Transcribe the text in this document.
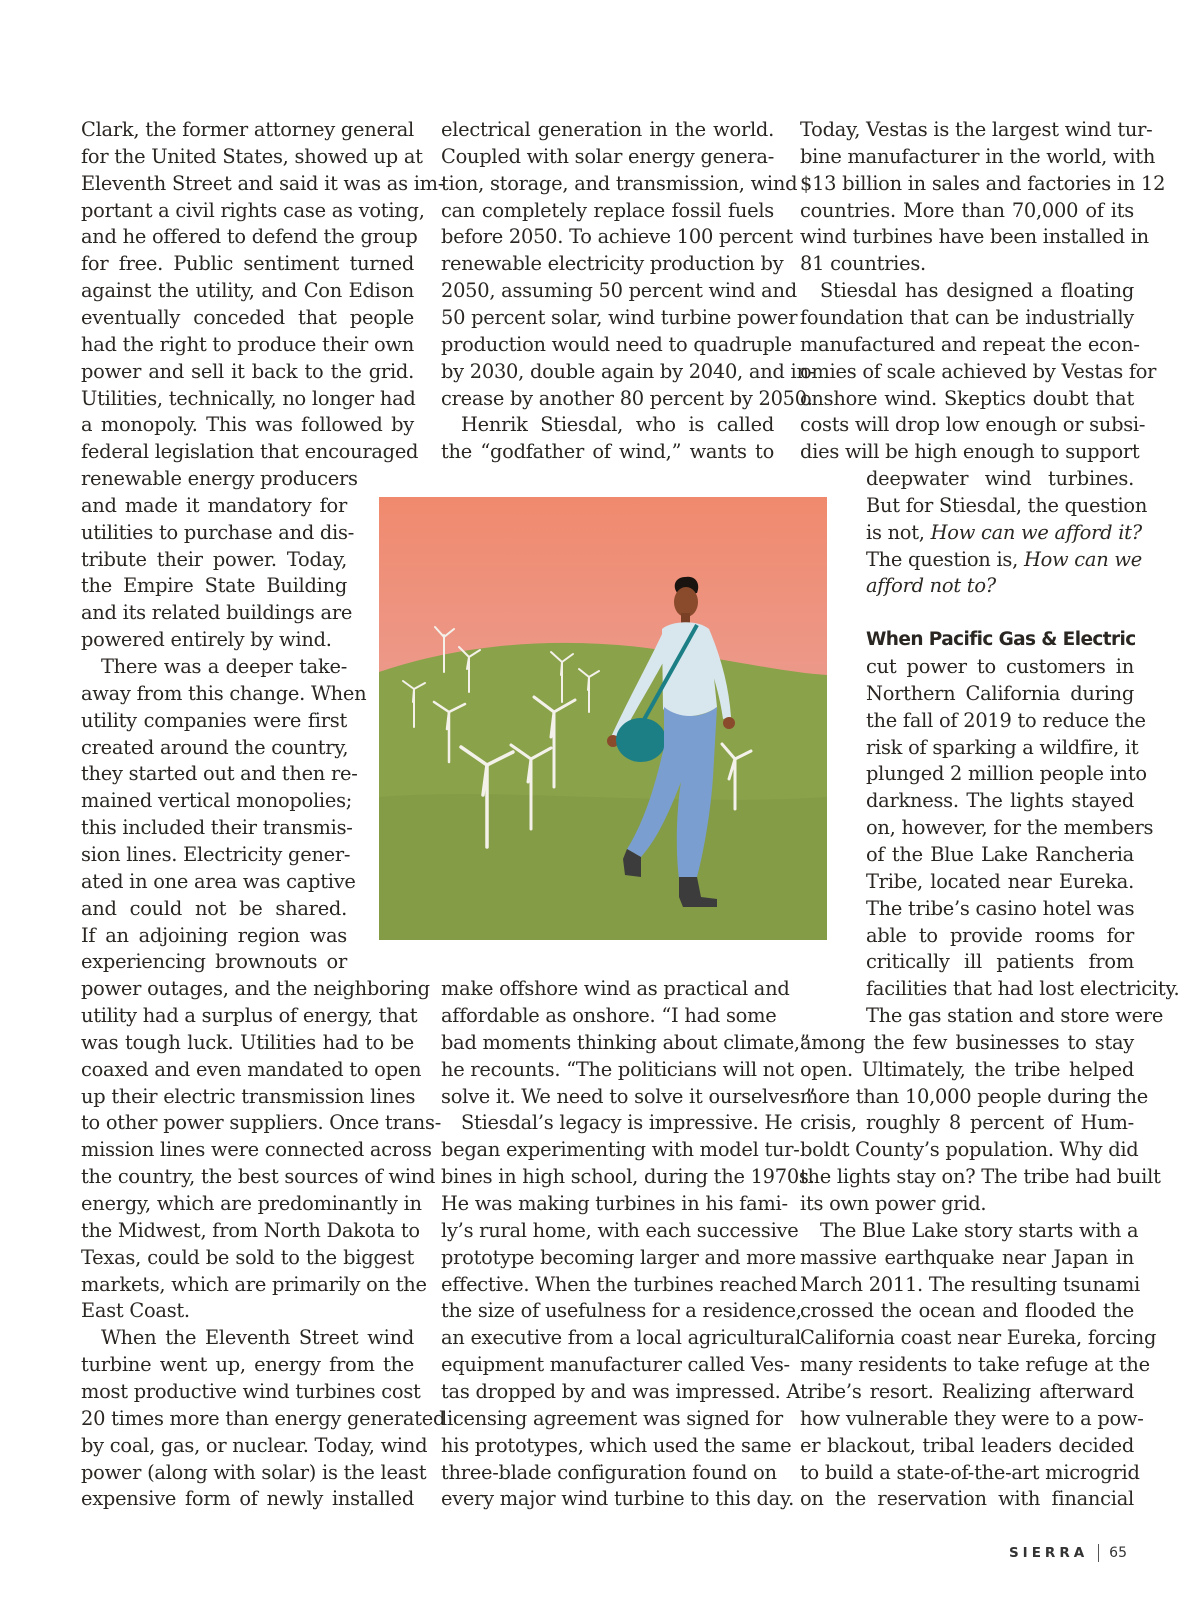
SIERRA 65
Clark, the former attorney general
for the United States, showed up at
Eleventh Street and said it was as im-
portant a civil rights case as voting,
and he offered to defend the group
for free. Public sentiment turned
against the utility, and Con Edison
eventually conceded that people
had the right to produce their own
power and sell it back to the grid.
Utilities, technically, no longer had
a monopoly. This was followed by
federal legislation that encouraged
renewable energy producers
and made it mandatory for
utilities to purchase and dis-
tribute their power. Today,
the Empire State Building
and its related buildings are
powered entirely by wind.
There was a deeper take-
away from this change. When
utility companies were first
created around the country,
they started out and then re-
mained vertical monopolies;
this included their transmis-
sion lines. Electricity gener-
ated in one area was captive
and could not be shared.
If an adjoining region was
experiencing brownouts or
power outages, and the neighboring
utility had a surplus of energy, that
was tough luck. Utilities had to be
coaxed and even mandated to open
up their electric transmission lines
to other power suppliers. Once trans-
mission lines were connected across
the country, the best sources of wind
energy, which are predominantly in
the Midwest, from North Dakota to
Texas, could be sold to the biggest
markets, which are primarily on the
East Coast.
When the Eleventh Street wind
turbine went up, energy from the
most productive wind turbines cost
20 times more than energy generated
by coal, gas, or nuclear. Today, wind
power (along with solar) is the least
expensive form of newly installed
electrical generation in the world.
Coupled with solar energy genera-
tion, storage, and transmission, wind
can completely replace fossil fuels
before 2050. To achieve 100 percent
renewable electricity production by
2050, assuming 50 percent wind and
50 percent solar, wind turbine power
production would need to quadruple
by 2030, double again by 2040, and in-
crease by another 80 percent by 2050.
Henrik Stiesdal, who is called
the “godfather of wind,” wants to
make offshore wind as practical and
affordable as onshore. “I had some
bad moments thinking about climate,”
he recounts. “The politicians will not
solve it. We need to solve it ourselves.”
Stiesdal’s legacy is impressive. He
began experimenting with model tur-
bines in high school, during the 1970s.
He was making turbines in his fami-
ly’s rural home, with each successive
prototype becoming larger and more
effective. When the turbines reached
the size of usefulness for a residence,
an executive from a local agricultural
equipment manufacturer called Ves-
tas dropped by and was impressed. A
licensing agreement was signed for
his prototypes, which used the same
three-blade configuration found on
every major wind turbine to this day.
Today, Vestas is the largest wind tur-
bine manufacturer in the world, with
$13 billion in sales and factories in 12
countries. More than 70,000 of its
wind turbines have been installed in
81 countries.
Stiesdal has designed a floating
foundation that can be industrially
manufactured and repeat the econ-
omies of scale achieved by Vestas for
onshore wind. Skeptics doubt that
costs will drop low enough or subsi-
dies will be high enough to support
deepwater wind turbines.
But for Stiesdal, the question
is not, How can we afford it?
The question is, How can we
afford not to?
When Pacific Gas & Electric
cut power to customers in
Northern California during
the fall of 2019 to reduce the
risk of sparking a wildfire, it
plunged 2 million people into
darkness. The lights stayed
on, however, for the members
of the Blue Lake Rancheria
Tribe, located near Eureka.
The tribe’s casino hotel was
able to provide rooms for
critically ill patients from
facilities that had lost electricity.
The gas station and store were
among the few businesses to stay
open. Ultimately, the tribe helped
more than 10,000 people during the
crisis, roughly 8 percent of Hum-
boldt County’s population. Why did
the lights stay on? The tribe had built
its own power grid.
The Blue Lake story starts with a
massive earthquake near Japan in
March 2011. The resulting tsunami
crossed the ocean and flooded the
California coast near Eureka, forcing
many residents to take refuge at the
tribe’s resort. Realizing afterward
how vulnerable they were to a pow-
er blackout, tribal leaders decided
to build a state-of-the-art microgrid
on the reservation with financial
